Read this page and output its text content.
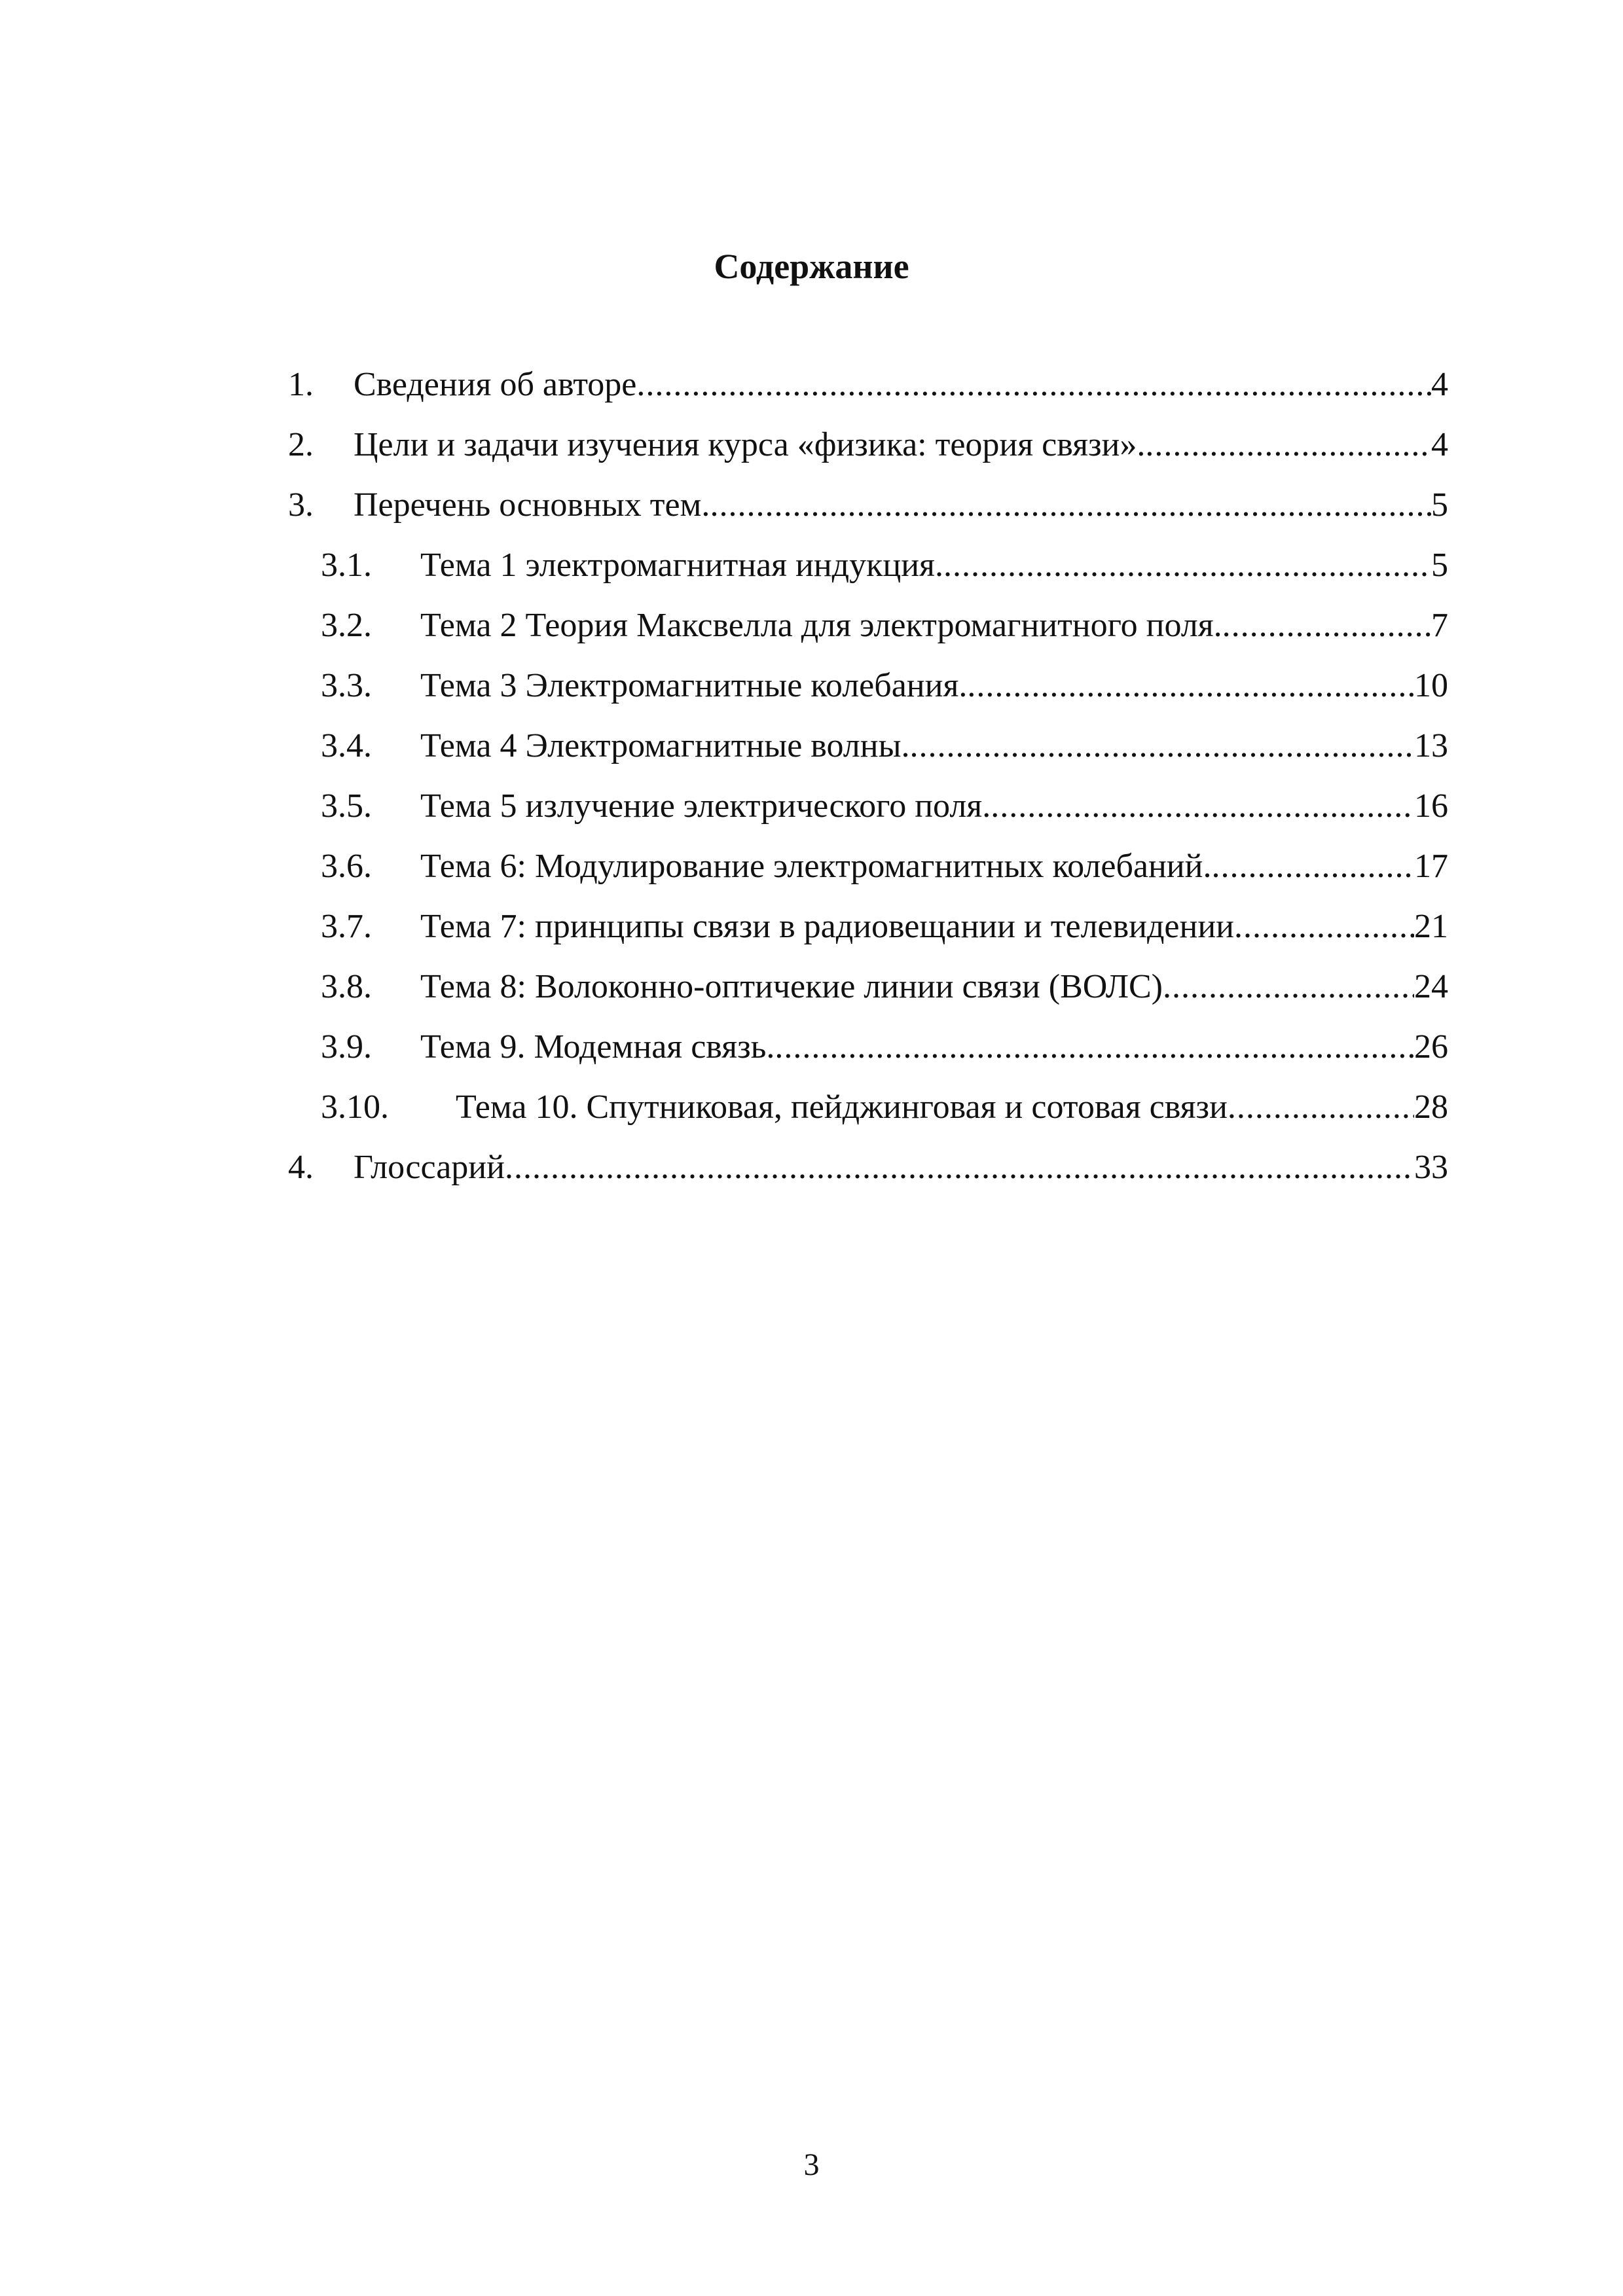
Содержание
1.	Сведения об авторе .....	4
2.	Цели и задачи изучения курса «физика: теория связи». .....	4
3.	Перечень основных тем. .....	5
3.1.	Тема 1 электромагнитная индукция. .....	5
3.2.	Тема 2 Теория Максвелла для электромагнитного поля. .....	7
3.3.	Тема 3 Электромагнитные колебания. .....	10
3.4.	Тема 4 Электромагнитные волны. .....	13
3.5.	Тема 5 излучение электрического поля. .....	16
3.6.	Тема 6: Модулирование электромагнитных колебаний. .....	17
3.7.	Тема 7: принципы связи в радиовещании и телевидении .....	21
3.8.	Тема 8: Волоконно-оптичекие линии связи (ВОЛС) .....	24
3.9.	Тема 9. Модемная связь. .....	26
3.10.	Тема 10. Спутниковая, пейджинговая и сотовая связи .....	28
4.	Глоссарий .....	33
3
